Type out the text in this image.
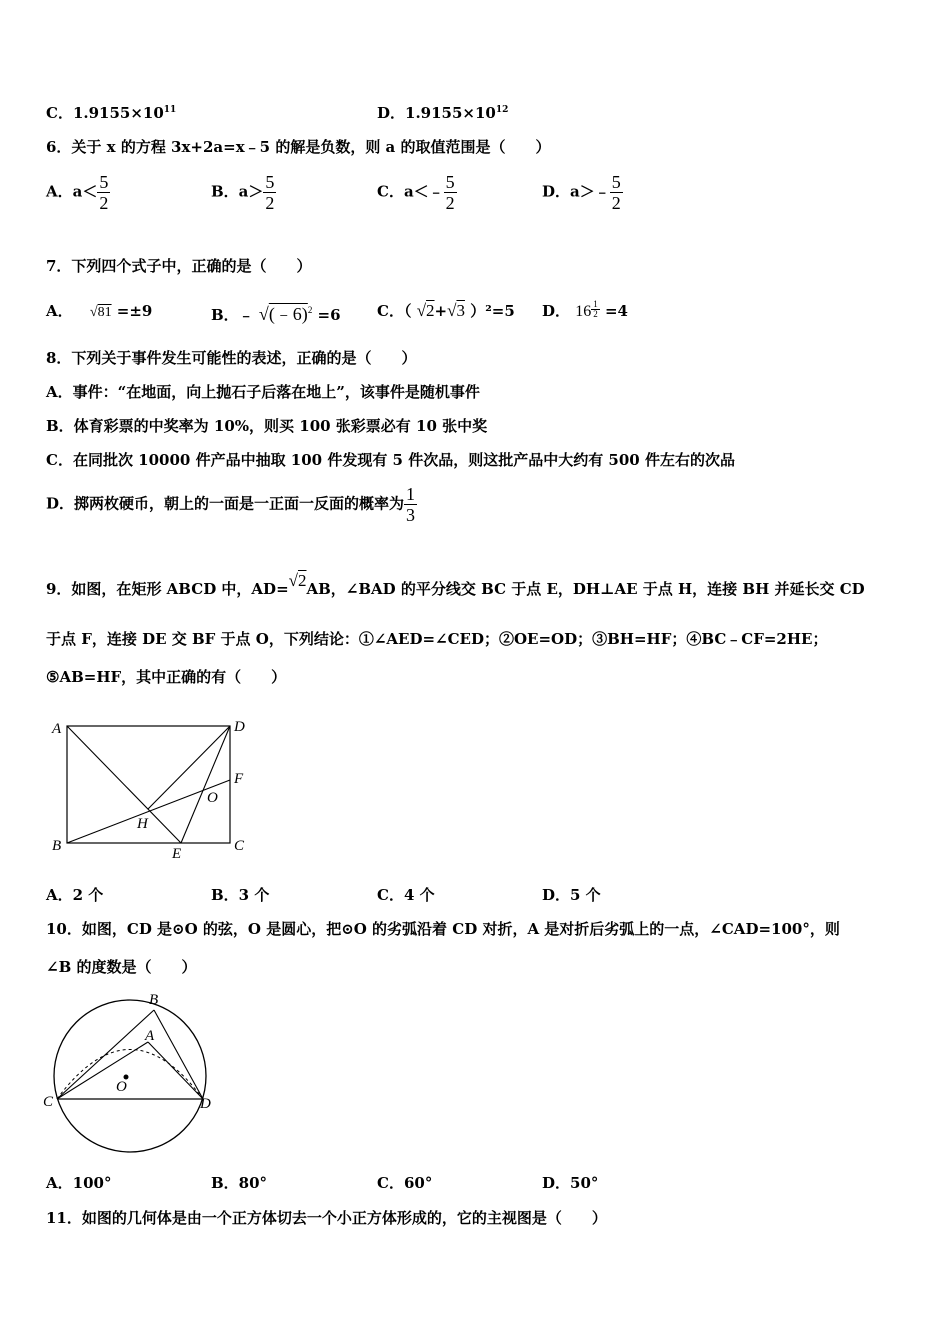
C．$1.9155\times 10^{11}$	D．$1.9155\times 10^{12}$
6．关于 x 的方程 3x+2a=x﹣5 的解是负数，则 a 的取值范围是（　　）
A．$a< \frac{5}{2}$	B．$a> \frac{5}{2}$	C．a＜﹣ $\frac{5}{2}$	D．a＞﹣ $\frac{5}{2}$
7．下列四个式子中，正确的是（　　）
A． √81 =±9	B．﹣ √(﹣6)$^2$ =6 C．（ √2+√3 ）²=5 D． $16 \frac{1}{2} =4$
8．下列关于事件发生可能性的表述，正确的是（　　）
A．事件：“在地面，向上抛石子后落在地上”，该事件是随机事件
B．体育彩票的中奖率为 10%，则买 100 张彩票必有 10 张中奖
C．在同批次 10000 件产品中抽取 100 件发现有 5 件次品，则这批产品中大约有 500 件左右的次品
D．掷两枚硬币，朝上的一面是一正面一反面的概率为 $\frac{1}{3}$
9．如图，在矩形 ABCD 中，AD=√2AB，∠BAD 的平分线交 BC 于点 E，DH⊥AE 于点 H，连接 BH 并延长交 CD
于点 F，连接 DE 交 BF 于点 O，下列结论：①∠AED=∠CED；②OE=OD；③BH=HF；④BC﹣CF=2HE；
⑤AB=HF，其中正确的有（　　）
A	D
F
O
H
B	E	C
A．2 个	B．3 个	C．4 个	D．5 个
10．如图，CD 是⊙O 的弦，O 是圆心，把⊙O 的劣弧沿着 CD 对折，A 是对折后劣弧上的一点，∠CAD=100°，则
∠B 的度数是（　　）
B
A
O
C	D
A．100°	B．80°	C．60°	D．50°
11．如图的几何体是由一个正方体切去一个小正方体形成的，它的主视图是（　　）
